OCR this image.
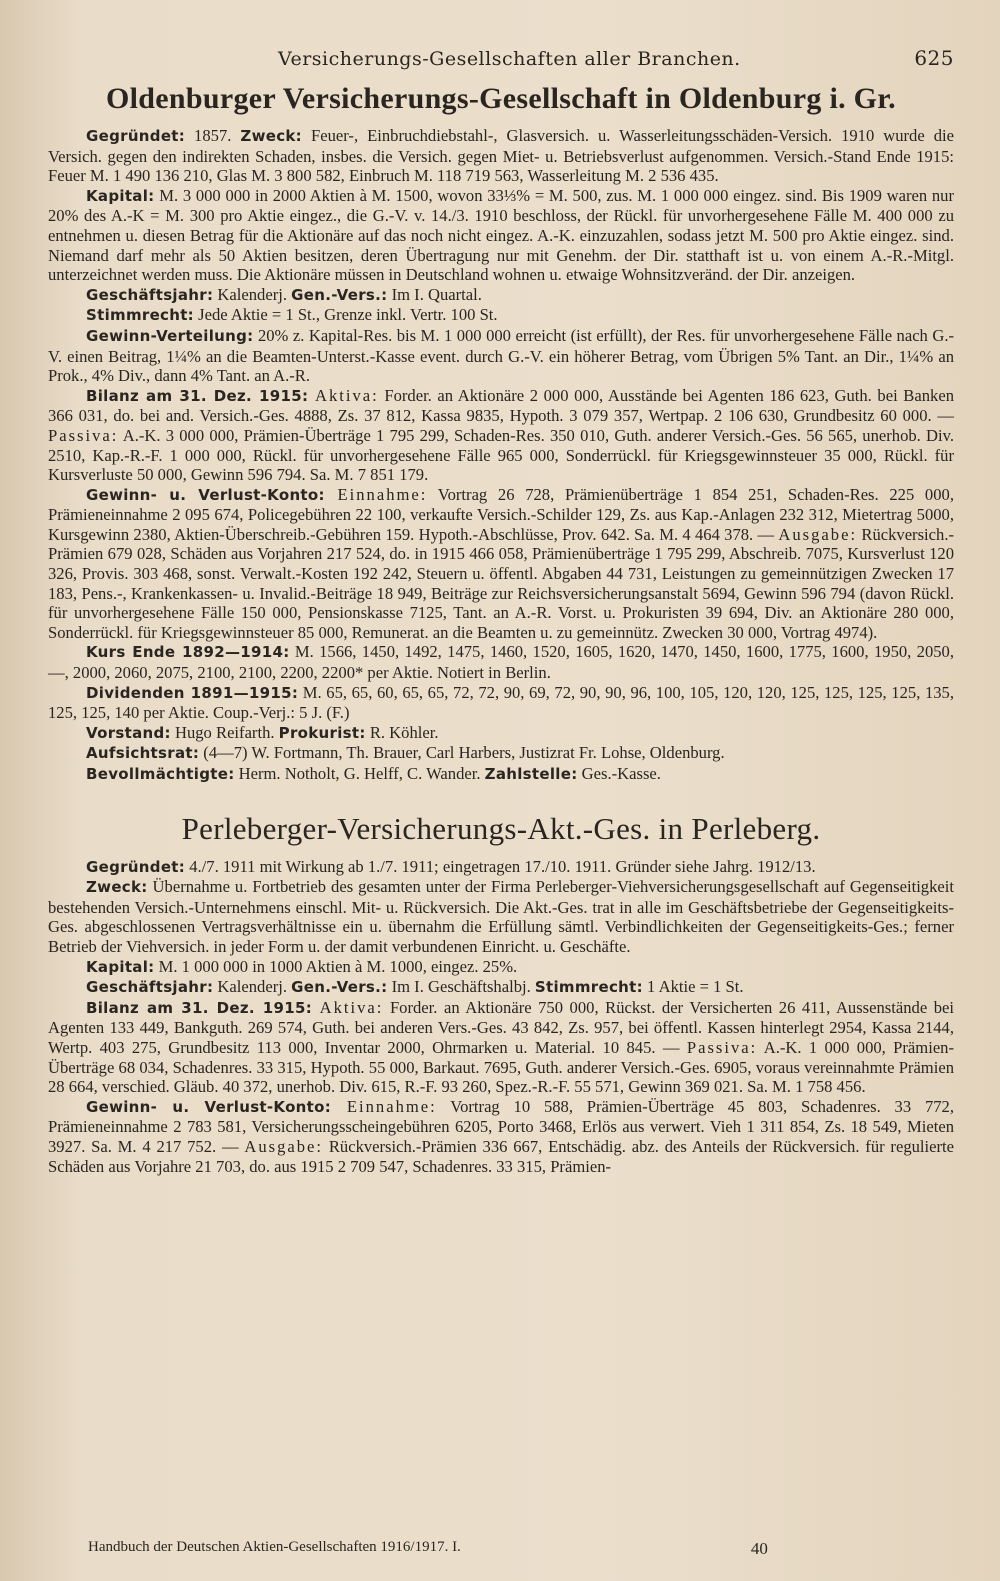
Versicherungs-Gesellschaften aller Branchen.	625
Oldenburger Versicherungs-Gesellschaft in Oldenburg i. Gr.

Gegründet: 1857. Zweck: Feuer-, Einbruchdiebstahl-, Glasversich. u. Wasserleitungsschäden-Versich. 1910 wurde die Versich. gegen den indirekten Schaden, insbes. die Versich. gegen Miet- u. Betriebsverlust aufgenommen. Versich.-Stand Ende 1915: Feuer M. 1 490 136 210, Glas M. 3 800 582, Einbruch M. 118 719 563, Wasserleitung M. 2 536 435.

Kapital: M. 3 000 000 in 2000 Aktien à M. 1500, wovon 33⅓% = M. 500, zus. M. 1 000 000 eingez. sind. Bis 1909 waren nur 20% des A.-K = M. 300 pro Aktie eingez., die G.-V. v. 14./3. 1910 beschloss, der Rückl. für unvorhergesehene Fälle M. 400 000 zu entnehmen u. diesen Betrag für die Aktionäre auf das noch nicht eingez. A.-K. einzuzahlen, sodass jetzt M. 500 pro Aktie eingez. sind. Niemand darf mehr als 50 Aktien besitzen, deren Übertragung nur mit Genehm. der Dir. statthaft ist u. von einem A.-R.-Mitgl. unterzeichnet werden muss. Die Aktionäre müssen in Deutschland wohnen u. etwaige Wohnsitzveränd. der Dir. anzeigen.

Geschäftsjahr: Kalenderj. Gen.-Vers.: Im I. Quartal.

Stimmrecht: Jede Aktie = 1 St., Grenze inkl. Vertr. 100 St.

Gewinn-Verteilung: 20% z. Kapital-Res. bis M. 1 000 000 erreicht (ist erfüllt), der Res. für unvorhergesehene Fälle nach G.-V. einen Beitrag, 1¼% an die Beamten-Unterst.-Kasse event. durch G.-V. ein höherer Betrag, vom Übrigen 5% Tant. an Dir., 1¼% an Prok., 4% Div., dann 4% Tant. an A.-R.

Bilanz am 31. Dez. 1915: Aktiva: Forder. an Aktionäre 2 000 000, Ausstände bei Agenten 186 623, Guth. bei Banken 366 031, do. bei and. Versich.-Ges. 4888, Zs. 37 812, Kassa 9835, Hypoth. 3 079 357, Wertpap. 2 106 630, Grundbesitz 60 000. — Passiva: A.-K. 3 000 000, Prämien-Überträge 1 795 299, Schaden-Res. 350 010, Guth. anderer Versich.-Ges. 56 565, unerhob. Div. 2510, Kap.-R.-F. 1 000 000, Rückl. für unvorhergesehene Fälle 965 000, Sonderrückl. für Kriegsgewinnsteuer 35 000, Rückl. für Kursverluste 50 000, Gewinn 596 794. Sa. M. 7 851 179.

Gewinn- u. Verlust-Konto: Einnahme: Vortrag 26 728, Prämienüberträge 1 854 251, Schaden-Res. 225 000, Prämieneinnahme 2 095 674, Policegebühren 22 100, verkaufte Versich.-Schilder 129, Zs. aus Kap.-Anlagen 232 312, Mietertrag 5000, Kursgewinn 2380, Aktien-Überschreib.-Gebühren 159. Hypoth.-Abschlüsse, Prov. 642. Sa. M. 4 464 378. — Ausgabe: Rückversich.-Prämien 679 028, Schäden aus Vorjahren 217 524, do. in 1915 466 058, Prämienüberträge 1 795 299, Abschreib. 7075, Kursverlust 120 326, Provis. 303 468, sonst. Verwalt.-Kosten 192 242, Steuern u. öffentl. Abgaben 44 731, Leistungen zu gemeinnützigen Zwecken 17 183, Pens.-, Krankenkassen- u. Invalid.-Beiträge 18 949, Beiträge zur Reichsversicherungsanstalt 5694, Gewinn 596 794 (davon Rückl. für unvorhergesehene Fälle 150 000, Pensionskasse 7125, Tant. an A.-R. Vorst. u. Prokuristen 39 694, Div. an Aktionäre 280 000, Sonderrückl. für Kriegsgewinnsteuer 85 000, Remunerat. an die Beamten u. zu gemeinnütz. Zwecken 30 000, Vortrag 4974).

Kurs Ende 1892—1914: M. 1566, 1450, 1492, 1475, 1460, 1520, 1605, 1620, 1470, 1450, 1600, 1775, 1600, 1950, 2050, —, 2000, 2060, 2075, 2100, 2100, 2200, 2200* per Aktie. Notiert in Berlin.

Dividenden 1891—1915: M. 65, 65, 60, 65, 65, 72, 72, 90, 69, 72, 90, 90, 96, 100, 105, 120, 120, 125, 125, 125, 125, 135, 125, 125, 140 per Aktie. Coup.-Verj.: 5 J. (F.)

Vorstand: Hugo Reifarth. Prokurist: R. Köhler.

Aufsichtsrat: (4—7) W. Fortmann, Th. Brauer, Carl Harbers, Justizrat Fr. Lohse, Oldenburg.

Bevollmächtigte: Herm. Notholt, G. Helff, C. Wander. Zahlstelle: Ges.-Kasse.

Perleberger-Versicherungs-Akt.-Ges. in Perleberg.

Gegründet: 4./7. 1911 mit Wirkung ab 1./7. 1911; eingetragen 17./10. 1911. Gründer siehe Jahrg. 1912/13.

Zweck: Übernahme u. Fortbetrieb des gesamten unter der Firma Perleberger-Viehversicherungsgesellschaft auf Gegenseitigkeit bestehenden Versich.-Unternehmens einschl. Mit- u. Rückversich. Die Akt.-Ges. trat in alle im Geschäftsbetriebe der Gegenseitigkeits-Ges. abgeschlossenen Vertragsverhältnisse ein u. übernahm die Erfüllung sämtl. Verbindlichkeiten der Gegenseitigkeits-Ges.; ferner Betrieb der Viehversich. in jeder Form u. der damit verbundenen Einricht. u. Geschäfte.

Kapital: M. 1 000 000 in 1000 Aktien à M. 1000, eingez. 25%.

Geschäftsjahr: Kalenderj. Gen.-Vers.: Im I. Geschäftshalbj. Stimmrecht: 1 Aktie = 1 St.

Bilanz am 31. Dez. 1915: Aktiva: Forder. an Aktionäre 750 000, Rückst. der Versicherten 26 411, Aussenstände bei Agenten 133 449, Bankguth. 269 574, Guth. bei anderen Vers.-Ges. 43 842, Zs. 957, bei öffentl. Kassen hinterlegt 2954, Kassa 2144, Wertp. 403 275, Grundbesitz 113 000, Inventar 2000, Ohrmarken u. Material. 10 845. — Passiva: A.-K. 1 000 000, Prämien-Überträge 68 034, Schadenres. 33 315, Hypoth. 55 000, Barkaut. 7695, Guth. anderer Versich.-Ges. 6905, voraus vereinnahmte Prämien 28 664, verschied. Gläub. 40 372, unerhob. Div. 615, R.-F. 93 260, Spez.-R.-F. 55 571, Gewinn 369 021. Sa. M. 1 758 456.

Gewinn- u. Verlust-Konto: Einnahme: Vortrag 10 588, Prämien-Überträge 45 803, Schadenres. 33 772, Prämieneinnahme 2 783 581, Versicherungsscheingebühren 6205, Porto 3468, Erlös aus verwert. Vieh 1 311 854, Zs. 18 549, Mieten 3927. Sa. M. 4 217 752. — Ausgabe: Rückversich.-Prämien 336 667, Entschädig. abz. des Anteils der Rückversich. für regulierte Schäden aus Vorjahre 21 703, do. aus 1915 2 709 547, Schadenres. 33 315, Prämien-

Handbuch der Deutschen Aktien-Gesellschaften 1916/1917. I.	40
